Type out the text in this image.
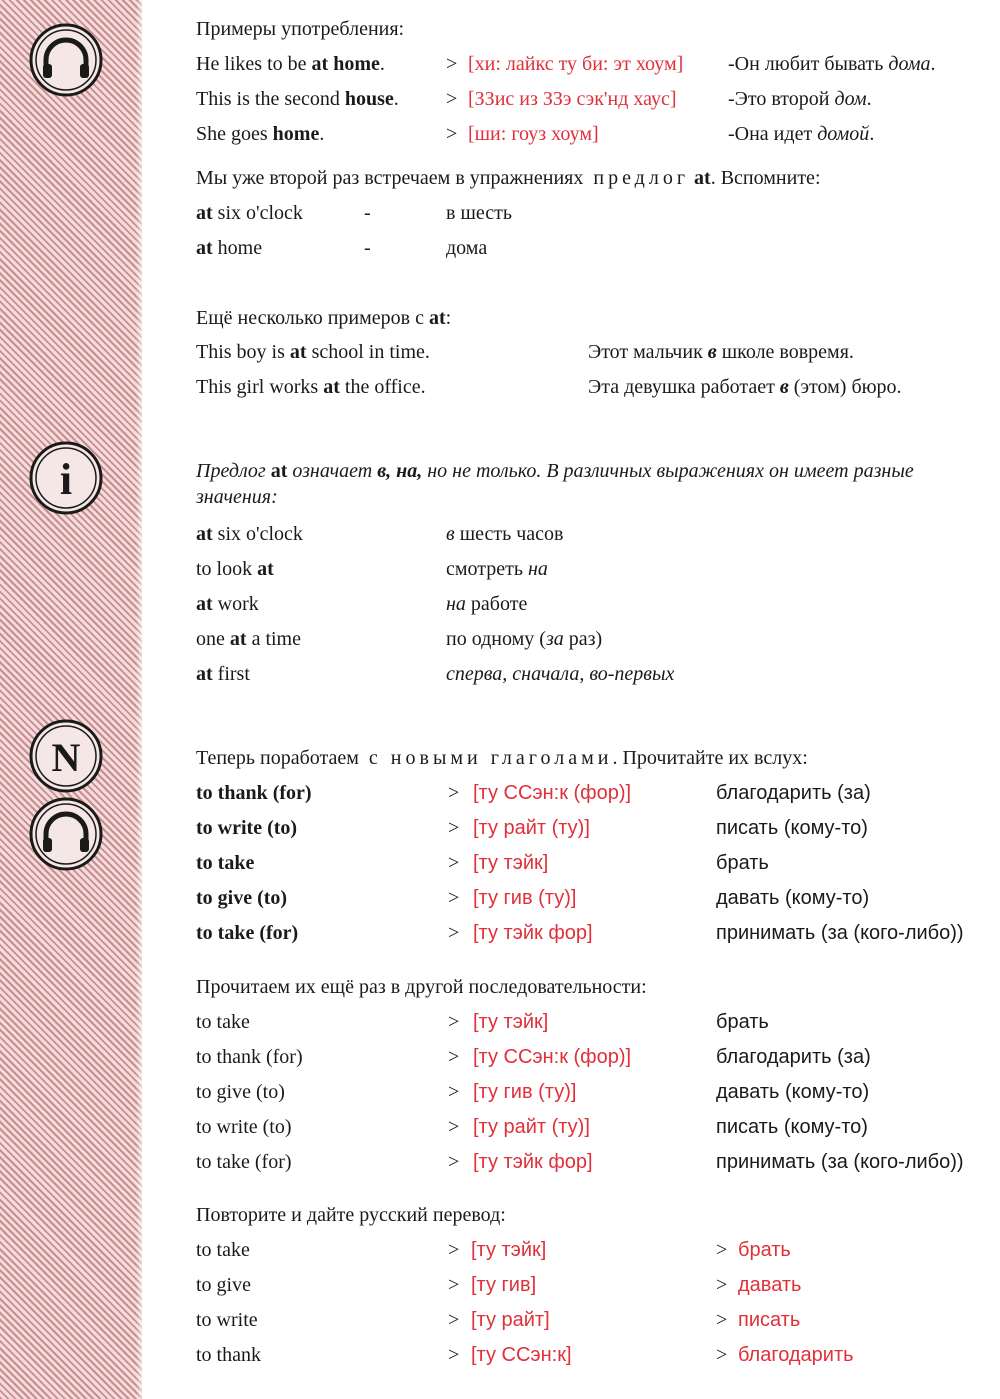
i
N
Примеры употребления:
He likes to be at home.	> [хи: лайкс ту би: эт хоум] -Он любит бывать дома.
This is the second house. > [ЗЗис из ЗЗэ сэк'нд хаус]	-Это второй дом.
She goes home.	> [ши: гоуз хоум]	-Она идет домой.
Мы уже второй раз встречаем в упражнениях предлог at. Вспомните:
at six o'clock	-	в шесть
at home	-	дома
Ещё несколько примеров с at:
This boy is at school in time.	Этот мальчик в школе вовремя.
This girl works at the office.	Эта девушка работает в (этом) бюро.
Предлог at означает в, на, но не только. В различных выражениях он имеет разные значения:
at six o'clock	в шесть часов
to look at	смотреть на
at work	на работе
one at a time	по одному (за раз)
at first	сперва, сначала, во-первых
Теперь поработаем с новыми глаголами. Прочитайте их вслух:
to thank (for)	> [ту ССэн:к (фор)]	благодарить (за)
to write (to)	> [ту райт (ту)]	писать (кому-то)
to take	> [ту тэйк]	брать
to give (to)	> [ту гив (ту)]	давать (кому-то)
to take (for)	> [ту тэйк фор]	принимать (за (кого-либо))
Прочитаем их ещё раз в другой последовательности:
to take	> [ту тэйк]	брать
to thank (for)	> [ту ССэн:к (фор)]	благодарить (за)
to give (to)	> [ту гив (ту)]	давать (кому-то)
to write (to)	> [ту райт (ту)]	писать (кому-то)
to take (for)	> [ту тэйк фор]	принимать (за (кого-либо))
Повторите и дайте русский перевод:
to take	> [ту тэйк]	> брать
to give	> [ту гив]	> давать
to write	> [ту райт]	> писать
to thank	> [ту ССэн:к]	> благодарить
